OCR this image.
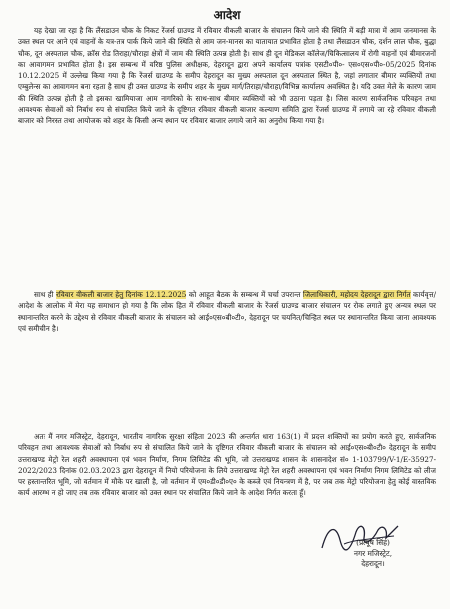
आदेश

यह देखा जा रहा है कि लैंसडाउन चौक के निकट रेंजर्स ग्राउण्ड में रविवार वीकली बाजार के संचालन किये जाने की स्थिति में बड़ी मात्रा में आम जनमानस के उक्त स्थल पर आने एवं वाहनों के यत्र-तत्र पार्क किये जाने की स्थिति से आम जन-मानस का यातायात प्रभावित होता है तथा लैंसडाउन चौक, दर्शन लाल चौक, बुद्धा चौक, दून अस्पताल चौक, क्रॉस रोड तिराहा/चौराहा क्षेत्रों में जाम की स्थिति उत्पन्न होती है। साथ ही दून मेडिकल कॉलेज/चिकित्सालय में रोगी वाहनों एवं बीमारजनों का आवागमन प्रभावित होता है। इस सम्बन्ध में वरिष्ठ पुलिस अधीक्षक, देहरादून द्वारा अपने कार्यालय पत्रांक एसटी०पी०- एस०एस०पी०-05/2025 दिनांक 10.12.2025 में उल्लेख किया गया है कि रेंजर्स ग्राउण्ड के समीप देहरादून का मुख्य अस्पताल दून अस्पताल स्थित है, जहां लगातार बीमार व्यक्तियों तथा एम्बुलेन्स का आवागमन बना रहता है साथ ही उक्त ग्राउण्ड के समीप शहर के मुख्य मार्ग/तिराहा/चौराहा/विभिन्न कार्यालय अवस्थित है। यदि उक्त मेले के कारण जाम की स्थिति उत्पन्न होती है तो इसका खामियाजा आम नागरिको के साथ-साथ बीमार व्यक्तियों को भी उठाना पड़ता है। जिस कारण सार्वजनिक परिवहन तथा आवश्यक सेवाओं को निर्बाध रुप से संचालित किये जाने के दृष्टिगत रविवार वीकली बाजार कल्याण समिति द्वारा रेंजर्स ग्राउण्ड में लगाये जा रहे रविवार वीकली बाजार को निरस्त तथा आयोजक को शहर के किसी अन्य स्थान पर रविवार बाजार लगाये जाने का अनुरोध किया गया है।

साथ ही रविवार वीकली बाजार हेतु दिनांक 12.12.2025 को आहूत बैठक के सम्बन्ध में चर्चा उपरान्त जिलाधिकारी, महोदय देहरादून द्वारा निर्गत कार्यवृत्त/आदेश के आलोक में मेरा यह समाधान हो गया है कि लोक हित में रविवार वीकली बाजार के रेंजर्स ग्राउण्ड बाजार संचालन पर रोक लगाते हुए अन्यत्र स्थल पर स्थानान्तरित करने के उद्देश्य से रविवार वीकली बाजार के संचालन को आई०एस०बी०टी०, देहरादून पर चयनित/चिन्हित स्थल पर स्थानान्तरित किया जाना आवश्यक एवं समीचीन है।

अतः मैं नगर मजिस्ट्रेट, देहरादून, भारतीय नागरिक सुरक्षा संहिता 2023 की अन्तर्गत धारा 163(1) में प्रदत्त शक्तियों का प्रयोग करते हुए, सार्वजनिक परिवहन तथा आवश्यक सेवाओं को निर्बाध रुप से संचालित किये जाने के दृष्टिगत रविवार वीकली बाजार के संचालन को आई०एस०बी०टी० देहरादून के समीप उत्तराखण्ड मेट्रो रेल शहरी अवस्थापना एवं भवन निर्माण, निगम लिमिटेड की भूमि, जो उत्तराखण्ड शासन के शासनादेश सं० 1-103799/V-1/E-35927-2022/2023 दिनांक 02.03.2023 द्वारा देहरादून में नियो परियोजना के लिये उत्तराखण्ड मेट्रो रेल शहरी अवस्थापना एवं भवन निर्माण निगम लिमिटेड को लीज पर हस्तान्तरित भूमि, जो वर्तमान में मौके पर खाली है, जो वर्तमान में एम०डी०डी०ए० के कब्जे एवं नियन्त्रण में है, पर जब तक मेट्रो परियोजना हेतु कोई वास्तविक कार्य आरम्भ न हो जाए तब तक रविवार बाजार को उक्त स्थान पर संचालित किये जाने के आदेश निर्गत करता हूँ।

(प्रत्यूष सिंह)

नगर मजिस्ट्रेट,

देहरादून।
